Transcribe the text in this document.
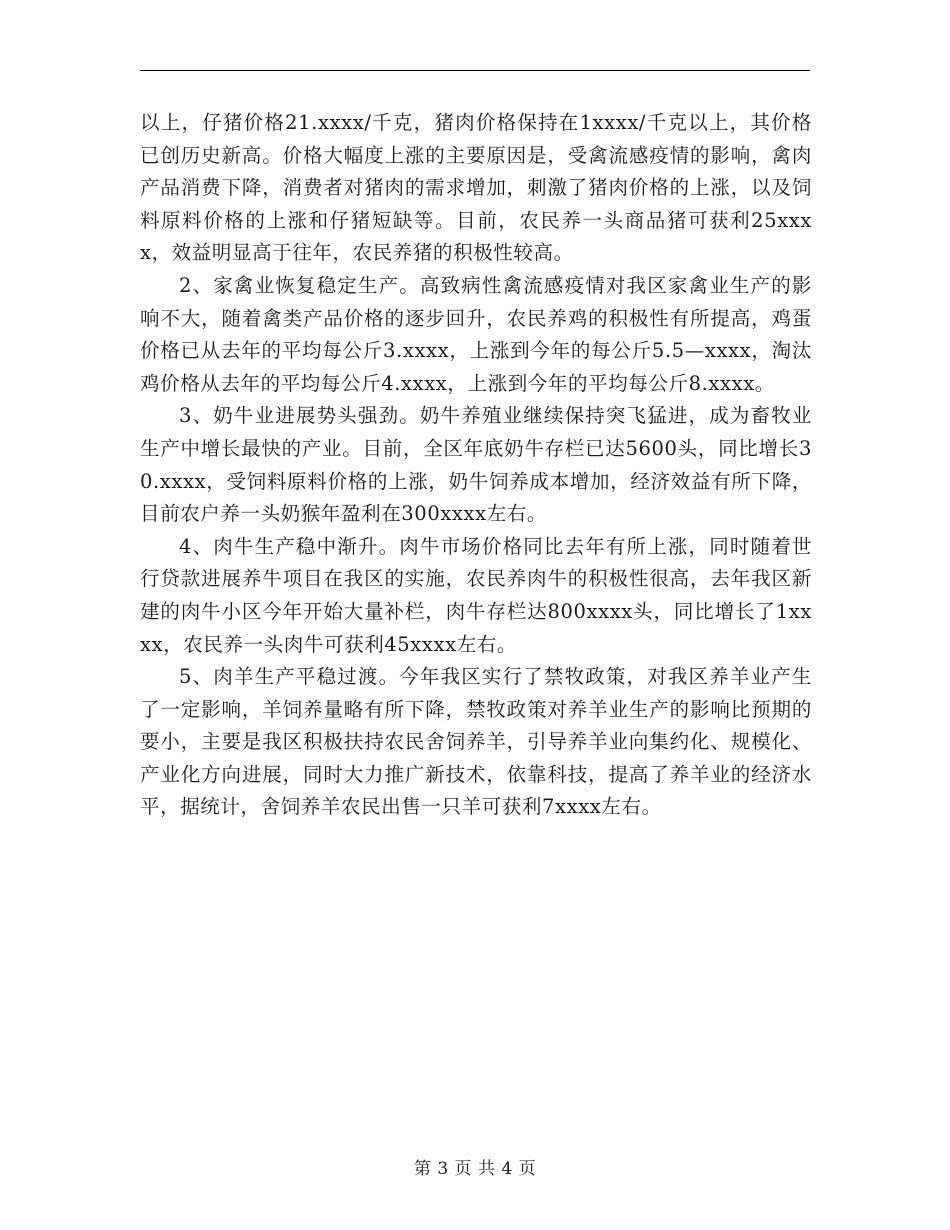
以上，仔猪价格21.xxxx/千克，猪肉价格保持在1xxxx/千克以上，其价格已创历史新高。价格大幅度上涨的主要原因是，受禽流感疫情的影响，禽肉产品消费下降，消费者对猪肉的需求增加，刺激了猪肉价格的上涨，以及饲料原料价格的上涨和仔猪短缺等。目前，农民养一头商品猪可获利25xxxx，效益明显高于往年，农民养猪的积极性较高。

2、家禽业恢复稳定生产。高致病性禽流感疫情对我区家禽业生产的影响不大，随着禽类产品价格的逐步回升，农民养鸡的积极性有所提高，鸡蛋价格已从去年的平均每公斤3.xxxx，上涨到今年的每公斤5.5—xxxx，淘汰鸡价格从去年的平均每公斤4.xxxx，上涨到今年的平均每公斤8.xxxx。

3、奶牛业进展势头强劲。奶牛养殖业继续保持突飞猛进，成为畜牧业生产中增长最快的产业。目前，全区年底奶牛存栏已达5600头，同比增长30.xxxx，受饲料原料价格的上涨，奶牛饲养成本增加，经济效益有所下降，目前农户养一头奶猴年盈利在300xxxx左右。

4、肉牛生产稳中渐升。肉牛市场价格同比去年有所上涨，同时随着世行贷款进展养牛项目在我区的实施，农民养肉牛的积极性很高，去年我区新建的肉牛小区今年开始大量补栏，肉牛存栏达800xxxx头，同比增长了1xxxx，农民养一头肉牛可获利45xxxx左右。

5、肉羊生产平稳过渡。今年我区实行了禁牧政策，对我区养羊业产生了一定影响，羊饲养量略有所下降，禁牧政策对养羊业生产的影响比预期的要小，主要是我区积极扶持农民舍饲养羊，引导养羊业向集约化、规模化、产业化方向进展，同时大力推广新技术，依靠科技，提高了养羊业的经济水平，据统计，舍饲养羊农民出售一只羊可获利7xxxx左右。

第 3 页 共 4 页
